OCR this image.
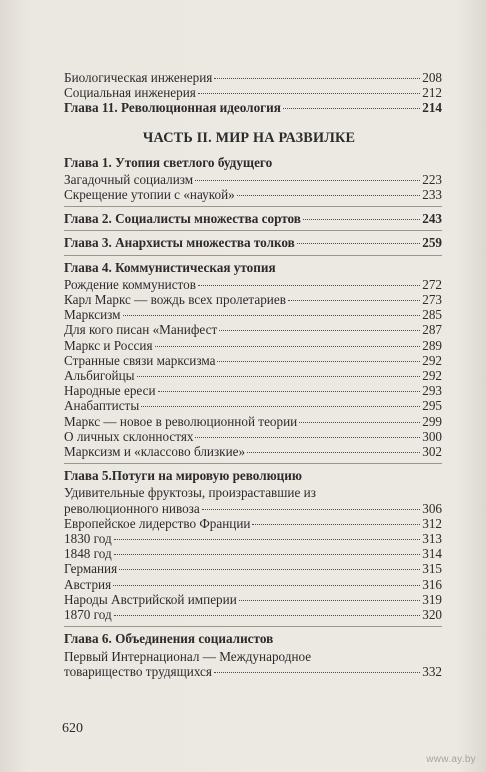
Биологическая инженерия	208
Социальная инженерия	212
Глава 11. Революционная идеология	214
ЧАСТЬ II. МИР НА РАЗВИЛКЕ
Глава 1. Утопия светлого будущего
Загадочный социализм	223
Скрещение утопии с «наукой»	233
Глава 2. Социалисты множества сортов	243
Глава 3. Анархисты множества толков	259
Глава 4. Коммунистическая утопия
Рождение коммунистов	272
Карл Маркс — вождь всех пролетариев	273
Марксизм	285
Для кого писан «Манифест	287
Маркс и Россия	289
Странные связи марксизма	292
Альбигойцы	292
Народные ереси	293
Анабаптисты	295
Маркс — новое в революционной теории	299
О личных склонностях	300
Марксизм и «классово близкие»	302
Глава 5.Потуги на мировую революцию
Удивительные фруктозы, произраставшие из
революционного нивоза	306
Европейское лидерство Франции	312
1830 год	313
1848 год	314
Германия	315
Австрия	316
Народы Австрийской империи	319
1870 год	320
Глава 6. Объединения социалистов
Первый Интернационал — Международное
товарищество трудящихся	332
620
www.ay.by
